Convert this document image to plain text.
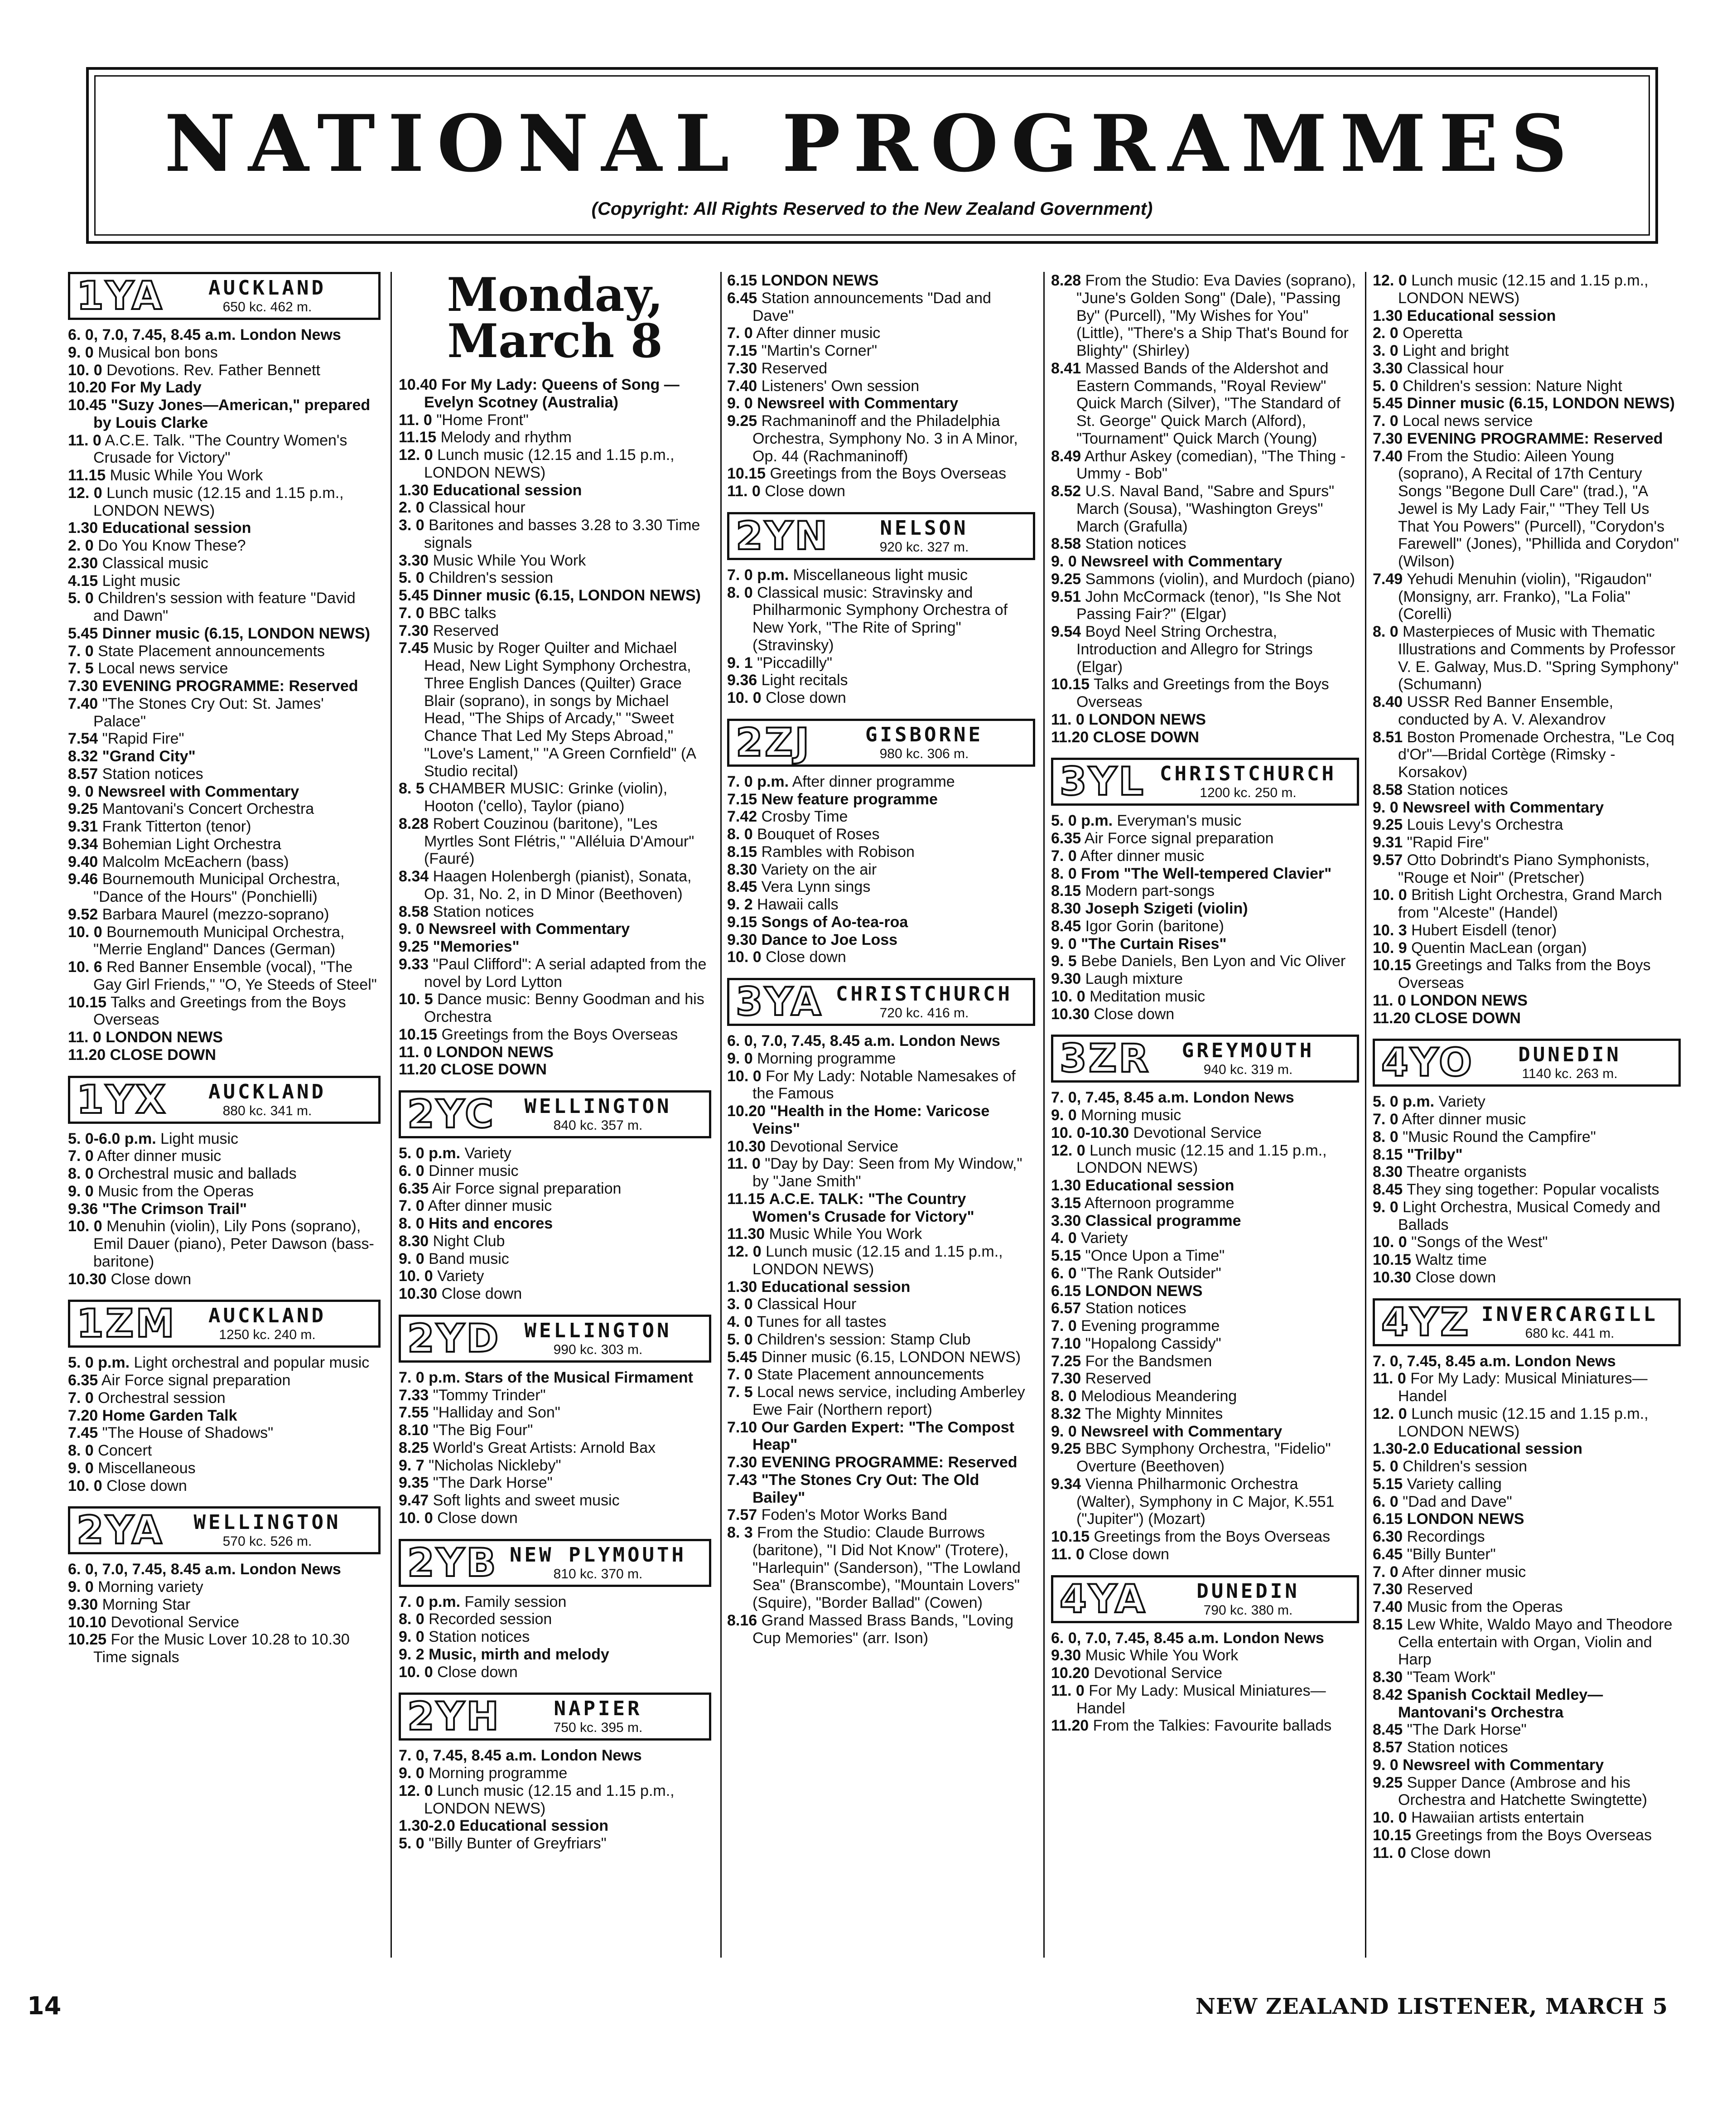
NATIONAL PROGRAMMES
(Copyright: All Rights Reserved to the New Zealand Government)
1YA	AUCKLAND
650 kc. 462 m.

6. 0, 7.0, 7.45, 8.45 a.m. London News

9. 0 Musical bon bons

10. 0 Devotions. Rev. Father Bennett

10.20 For My Lady

10.45 "Suzy Jones—American," prepared by Louis Clarke

11. 0 A.C.E. Talk. "The Country Women's Crusade for Victory"

11.15 Music While You Work

12. 0 Lunch music (12.15 and 1.15 p.m., LONDON NEWS)

1.30 Educational session

2. 0 Do You Know These?

2.30 Classical music

4.15 Light music

5. 0 Children's session with feature "David and Dawn"

5.45 Dinner music (6.15, LONDON NEWS)

7. 0 State Placement announcements

7. 5 Local news service

7.30 EVENING PROGRAMME: Reserved

7.40 "The Stones Cry Out: St. James' Palace"

7.54 "Rapid Fire"

8.32 "Grand City"

8.57 Station notices

9. 0 Newsreel with Commentary

9.25 Mantovani's Concert Orchestra

9.31 Frank Titterton (tenor)

9.34 Bohemian Light Orchestra

9.40 Malcolm McEachern (bass)

9.46 Bournemouth Municipal Orchestra, "Dance of the Hours" (Ponchielli)

9.52 Barbara Maurel (mezzo-soprano)

10. 0 Bournemouth Municipal Orchestra, "Merrie England" Dances (German)

10. 6 Red Banner Ensemble (vocal), "The Gay Girl Friends," "O, Ye Steeds of Steel"

10.15 Talks and Greetings from the Boys Overseas

11. 0 LONDON NEWS

11.20 CLOSE DOWN

1YX	AUCKLAND
880 kc. 341 m.

5. 0-6.0 p.m. Light music

7. 0 After dinner music

8. 0 Orchestral music and ballads

9. 0 Music from the Operas

9.36 "The Crimson Trail"

10. 0 Menuhin (violin), Lily Pons (soprano), Emil Dauer (piano), Peter Dawson (bass-baritone)

10.30 Close down

1ZM	AUCKLAND
1250 kc. 240 m.

5. 0 p.m. Light orchestral and popular music

6.35 Air Force signal preparation

7. 0 Orchestral session

7.20 Home Garden Talk

7.45 "The House of Shadows"

8. 0 Concert

9. 0 Miscellaneous

10. 0 Close down

2YA	WELLINGTON
570 kc. 526 m.

6. 0, 7.0, 7.45, 8.45 a.m. London News

9. 0 Morning variety

9.30 Morning Star

10.10 Devotional Service

10.25 For the Music Lover 10.28 to 10.30 Time signals

Monday, March 8

10.40 For My Lady: Queens of Song — Evelyn Scotney (Australia)

11. 0 "Home Front"

11.15 Melody and rhythm

12. 0 Lunch music (12.15 and 1.15 p.m., LONDON NEWS)

1.30 Educational session

2. 0 Classical hour

3. 0 Baritones and basses 3.28 to 3.30 Time signals

3.30 Music While You Work

5. 0 Children's session

5.45 Dinner music (6.15, LONDON NEWS)

7. 0 BBC talks

7.30 Reserved

7.45 Music by Roger Quilter and Michael Head, New Light Symphony Orchestra, Three English Dances (Quilter) Grace Blair (soprano), in songs by Michael Head, "The Ships of Arcady," "Sweet Chance That Led My Steps Abroad," "Love's Lament," "A Green Cornfield" (A Studio recital)

8. 5 CHAMBER MUSIC: Grinke (violin), Hooton ('cello), Taylor (piano)

8.28 Robert Couzinou (baritone), "Les Myrtles Sont Flétris," "Alléluia D'Amour" (Fauré)

8.34 Haagen Holenbergh (pianist), Sonata, Op. 31, No. 2, in D Minor (Beethoven)

8.58 Station notices

9. 0 Newsreel with Commentary

9.25 "Memories"

9.33 "Paul Clifford": A serial adapted from the novel by Lord Lytton

10. 5 Dance music: Benny Goodman and his Orchestra

10.15 Greetings from the Boys Overseas

11. 0 LONDON NEWS

11.20 CLOSE DOWN

2YC	WELLINGTON
840 kc. 357 m.

5. 0 p.m. Variety

6. 0 Dinner music

6.35 Air Force signal preparation

7. 0 After dinner music

8. 0 Hits and encores

8.30 Night Club

9. 0 Band music

10. 0 Variety

10.30 Close down

2YD	WELLINGTON
990 kc. 303 m.

7. 0 p.m. Stars of the Musical Firmament

7.33 "Tommy Trinder"

7.55 "Halliday and Son"

8.10 "The Big Four"

8.25 World's Great Artists: Arnold Bax

9. 7 "Nicholas Nickleby"

9.35 "The Dark Horse"

9.47 Soft lights and sweet music

10. 0 Close down

2YB NEW PLYMOUTH
810 kc. 370 m.

7. 0 p.m. Family session

8. 0 Recorded session

9. 0 Station notices

9. 2 Music, mirth and melody

10. 0 Close down

2YH	NAPIER
750 kc. 395 m.

7. 0, 7.45, 8.45 a.m. London News

9. 0 Morning programme

12. 0 Lunch music (12.15 and 1.15 p.m., LONDON NEWS)

1.30-2.0 Educational session

5. 0 "Billy Bunter of Greyfriars"

6.15 LONDON NEWS

6.45 Station announcements "Dad and Dave"

7. 0 After dinner music

7.15 "Martin's Corner"

7.30 Reserved

7.40 Listeners' Own session

9. 0 Newsreel with Commentary

9.25 Rachmaninoff and the Philadelphia Orchestra, Symphony No. 3 in A Minor, Op. 44 (Rachmaninoff)

10.15 Greetings from the Boys Overseas

11. 0 Close down

2YN	NELSON
920 kc. 327 m.

7. 0 p.m. Miscellaneous light music

8. 0 Classical music: Stravinsky and Philharmonic Symphony Orchestra of New York, "The Rite of Spring" (Stravinsky)

9. 1 "Piccadilly"

9.36 Light recitals

10. 0 Close down

2ZJ	GISBORNE
980 kc. 306 m.

7. 0 p.m. After dinner programme

7.15 New feature programme

7.42 Crosby Time

8. 0 Bouquet of Roses

8.15 Rambles with Robison

8.30 Variety on the air

8.45 Vera Lynn sings

9. 2 Hawaii calls

9.15 Songs of Ao-tea-roa

9.30 Dance to Joe Loss

10. 0 Close down

3YA CHRISTCHURCH
720 kc. 416 m.

6. 0, 7.0, 7.45, 8.45 a.m. London News

9. 0 Morning programme

10. 0 For My Lady: Notable Namesakes of the Famous

10.20 "Health in the Home: Varicose Veins"

10.30 Devotional Service

11. 0 "Day by Day: Seen from My Window," by "Jane Smith"

11.15 A.C.E. TALK: "The Country Women's Crusade for Victory"

11.30 Music While You Work

12. 0 Lunch music (12.15 and 1.15 p.m., LONDON NEWS)

1.30 Educational session

3. 0 Classical Hour

4. 0 Tunes for all tastes

5. 0 Children's session: Stamp Club

5.45 Dinner music (6.15, LONDON NEWS)

7. 0 State Placement announcements

7. 5 Local news service, including Amberley Ewe Fair (Northern report)

7.10 Our Garden Expert: "The Compost Heap"

7.30 EVENING PROGRAMME: Reserved

7.43 "The Stones Cry Out: The Old Bailey"

7.57 Foden's Motor Works Band

8. 3 From the Studio: Claude Burrows (baritone), "I Did Not Know" (Trotere), "Harlequin" (Sanderson), "The Lowland Sea" (Branscombe), "Mountain Lovers" (Squire), "Border Ballad" (Cowen)

8.16 Grand Massed Brass Bands, "Loving Cup Memories" (arr. Ison)

8.28 From the Studio: Eva Davies (soprano), "June's Golden Song" (Dale), "Passing By" (Purcell), "My Wishes for You" (Little), "There's a Ship That's Bound for Blighty" (Shirley)

8.41 Massed Bands of the Aldershot and Eastern Commands, "Royal Review" Quick March (Silver), "The Standard of St. George" Quick March (Alford), "Tournament" Quick March (Young)

8.49 Arthur Askey (comedian), "The Thing - Ummy - Bob"

8.52 U.S. Naval Band, "Sabre and Spurs" March (Sousa), "Washington Greys" March (Grafulla)

8.58 Station notices

9. 0 Newsreel with Commentary

9.25 Sammons (violin), and Murdoch (piano)

9.51 John McCormack (tenor), "Is She Not Passing Fair?" (Elgar)

9.54 Boyd Neel String Orchestra, Introduction and Allegro for Strings (Elgar)

10.15 Talks and Greetings from the Boys Overseas

11. 0 LONDON NEWS

11.20 CLOSE DOWN

3YL CHRISTCHURCH
1200 kc. 250 m.

5. 0 p.m. Everyman's music

6.35 Air Force signal preparation

7. 0 After dinner music

8. 0 From "The Well-tempered Clavier"

8.15 Modern part-songs

8.30 Joseph Szigeti (violin)

8.45 Igor Gorin (baritone)

9. 0 "The Curtain Rises"

9. 5 Bebe Daniels, Ben Lyon and Vic Oliver

9.30 Laugh mixture

10. 0 Meditation music

10.30 Close down

3ZR	GREYMOUTH
940 kc. 319 m.

7. 0, 7.45, 8.45 a.m. London News

9. 0 Morning music

10. 0-10.30 Devotional Service

12. 0 Lunch music (12.15 and 1.15 p.m., LONDON NEWS)

1.30 Educational session

3.15 Afternoon programme

3.30 Classical programme

4. 0 Variety

5.15 "Once Upon a Time"

6. 0 "The Rank Outsider"

6.15 LONDON NEWS

6.57 Station notices

7. 0 Evening programme

7.10 "Hopalong Cassidy"

7.25 For the Bandsmen

7.30 Reserved

8. 0 Melodious Meandering

8.32 The Mighty Minnites

9. 0 Newsreel with Commentary

9.25 BBC Symphony Orchestra, "Fidelio" Overture (Beethoven)

9.34 Vienna Philharmonic Orchestra (Walter), Symphony in C Major, K.551 ("Jupiter") (Mozart)

10.15 Greetings from the Boys Overseas

11. 0 Close down

4YA	DUNEDIN
790 kc. 380 m.

6. 0, 7.0, 7.45, 8.45 a.m. London News

9.30 Music While You Work

10.20 Devotional Service

11. 0 For My Lady: Musical Miniatures—Handel

11.20 From the Talkies: Favourite ballads

12. 0 Lunch music (12.15 and 1.15 p.m., LONDON NEWS)

1.30 Educational session

2. 0 Operetta

3. 0 Light and bright

3.30 Classical hour

5. 0 Children's session: Nature Night

5.45 Dinner music (6.15, LONDON NEWS)

7. 0 Local news service

7.30 EVENING PROGRAMME: Reserved

7.40 From the Studio: Aileen Young (soprano), A Recital of 17th Century Songs "Begone Dull Care" (trad.), "A Jewel is My Lady Fair," "They Tell Us That You Powers" (Purcell), "Corydon's Farewell" (Jones), "Phillida and Corydon" (Wilson)

7.49 Yehudi Menuhin (violin), "Rigaudon" (Monsigny, arr. Franko), "La Folia" (Corelli)

8. 0 Masterpieces of Music with Thematic Illustrations and Comments by Professor V. E. Galway, Mus.D. "Spring Symphony" (Schumann)

8.40 USSR Red Banner Ensemble, conducted by A. V. Alexandrov

8.51 Boston Promenade Orchestra, "Le Coq d'Or"—Bridal Cortège (Rimsky - Korsakov)

8.58 Station notices

9. 0 Newsreel with Commentary

9.25 Louis Levy's Orchestra

9.31 "Rapid Fire"

9.57 Otto Dobrindt's Piano Symphonists, "Rouge et Noir" (Pretscher)

10. 0 British Light Orchestra, Grand March from "Alceste" (Handel)

10. 3 Hubert Eisdell (tenor)

10. 9 Quentin MacLean (organ)

10.15 Greetings and Talks from the Boys Overseas

11. 0 LONDON NEWS

11.20 CLOSE DOWN

4YO	DUNEDIN
1140 kc. 263 m.

5. 0 p.m. Variety

7. 0 After dinner music

8. 0 "Music Round the Campfire"

8.15 "Trilby"

8.30 Theatre organists

8.45 They sing together: Popular vocalists

9. 0 Light Orchestra, Musical Comedy and Ballads

10. 0 "Songs of the West"

10.15 Waltz time

10.30 Close down

4YZ INVERCARGILL
680 kc. 441 m.

7. 0, 7.45, 8.45 a.m. London News

11. 0 For My Lady: Musical Miniatures—Handel

12. 0 Lunch music (12.15 and 1.15 p.m., LONDON NEWS)

1.30-2.0 Educational session

5. 0 Children's session

5.15 Variety calling

6. 0 "Dad and Dave"

6.15 LONDON NEWS

6.30 Recordings

6.45 "Billy Bunter"

7. 0 After dinner music

7.30 Reserved

7.40 Music from the Operas

8.15 Lew White, Waldo Mayo and Theodore Cella entertain with Organ, Violin and Harp

8.30 "Team Work"

8.42 Spanish Cocktail Medley—Mantovani's Orchestra

8.45 "The Dark Horse"

8.57 Station notices

9. 0 Newsreel with Commentary

9.25 Supper Dance (Ambrose and his Orchestra and Hatchette Swingtette)

10. 0 Hawaiian artists entertain

10.15 Greetings from the Boys Overseas

11. 0 Close down

14	NEW ZEALAND LISTENER, MARCH 5
